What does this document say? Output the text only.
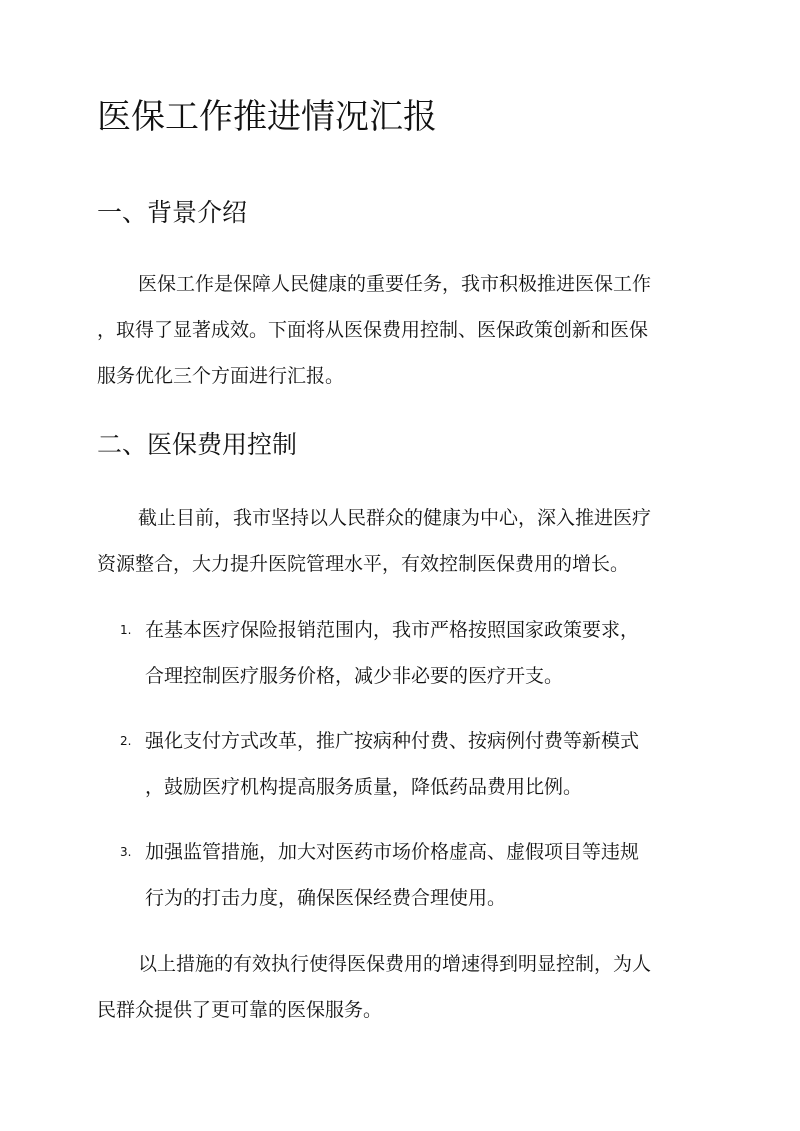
医保工作推进情况汇报
一、背景介绍
医保工作是保障人民健康的重要任务，我市积极推进医保工作
，取得了显著成效。下面将从医保费用控制、医保政策创新和医保
服务优化三个方面进行汇报。
二、医保费用控制
截止目前，我市坚持以人民群众的健康为中心，深入推进医疗
资源整合，大力提升医院管理水平，有效控制医保费用的增长。
1. 在基本医疗保险报销范围内，我市严格按照国家政策要求，
合理控制医疗服务价格，减少非必要的医疗开支。
2. 强化支付方式改革，推广按病种付费、按病例付费等新模式
，鼓励医疗机构提高服务质量，降低药品费用比例。
3. 加强监管措施，加大对医药市场价格虚高、虚假项目等违规
行为的打击力度，确保医保经费合理使用。
以上措施的有效执行使得医保费用的增速得到明显控制，为人
民群众提供了更可靠的医保服务。
